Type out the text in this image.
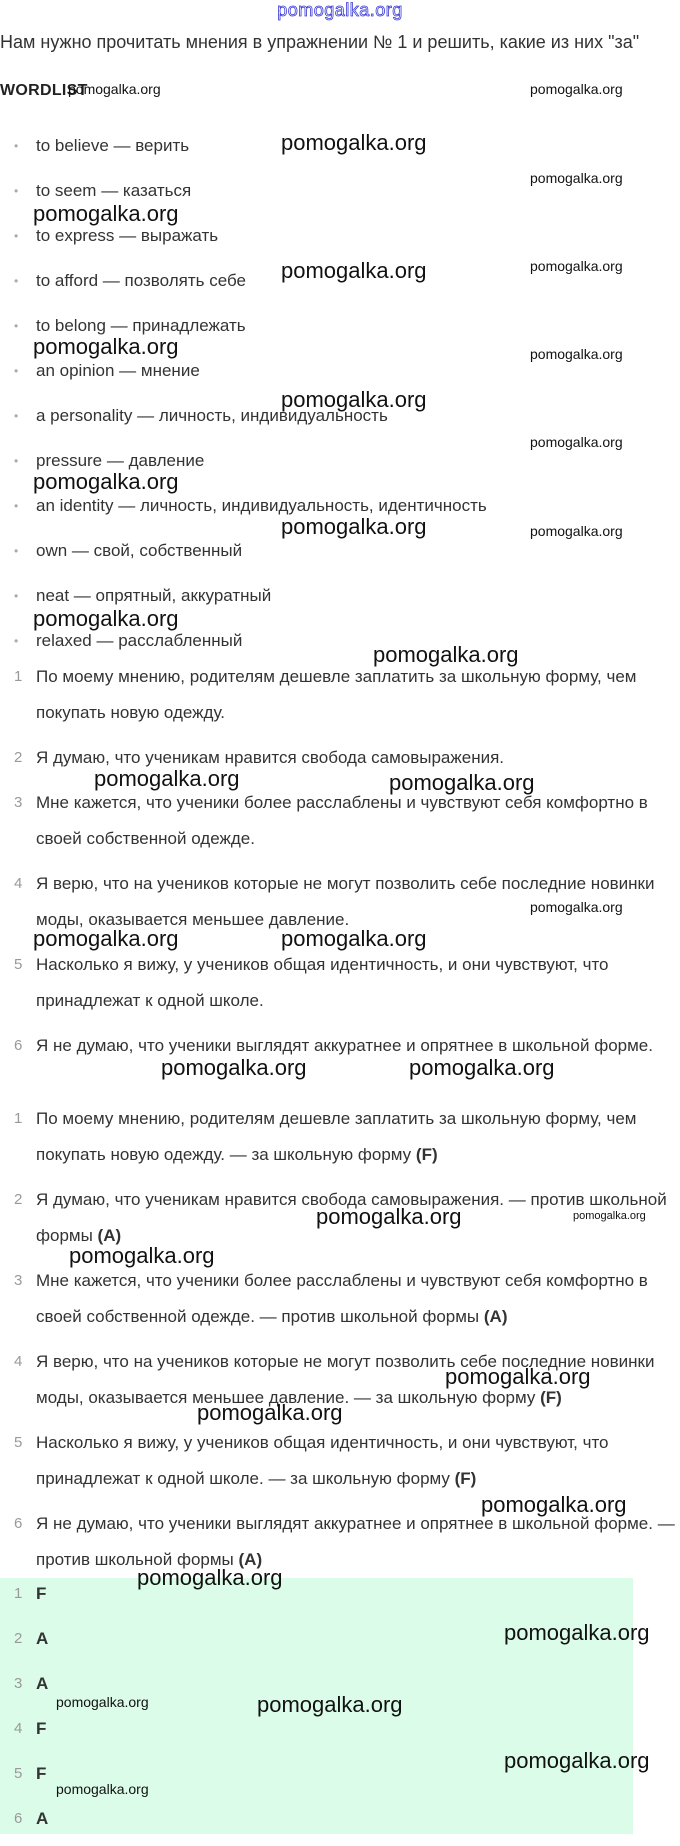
pomogalka.org
Нам нужно прочитать мнения в упражнении № 1 и решить, какие из них "за"
WORDLIST
• to believe — верить
• to seem — казаться
• to express — выражать
• to afford — позволять себе
• to belong — принадлежать
• an opinion — мнение
• a personality — личность, индивидуальность
• pressure — давление
• an identity — личность, индивидуальность, идентичность
• own — свой, собственный
• neat — опрятный, аккуратный
• relaxed — расслабленный
1 По моему мнению, родителям дешевле заплатить за школьную форму, чем покупать новую одежду.
2 Я думаю, что ученикам нравится свобода самовыражения.
3 Мне кажется, что ученики более расслаблены и чувствуют себя комфортно в своей собственной одежде.
4 Я верю, что на учеников которые не могут позволить себе последние новинки моды, оказывается меньшее давление.
5 Насколько я вижу, у учеников общая идентичность, и они чувствуют, что принадлежат к одной школе.
6 Я не думаю, что ученики выглядят аккуратнее и опрятнее в школьной форме.
1 По моему мнению, родителям дешевле заплатить за школьную форму, чем покупать новую одежду. — за школьную форму (F)
2 Я думаю, что ученикам нравится свобода самовыражения. — против школьной формы (A)
3 Мне кажется, что ученики более расслаблены и чувствуют себя комфортно в своей собственной одежде. — против школьной формы (A)
4 Я верю, что на учеников которые не могут позволить себе последние новинки моды, оказывается меньшее давление. — за школьную форму (F)
5 Насколько я вижу, у учеников общая идентичность, и они чувствуют, что принадлежат к одной школе. — за школьную форму (F)
6 Я не думаю, что ученики выглядят аккуратнее и опрятнее в школьной форме. — против школьной формы (A)
1 F
2 A
3 A
4 F
5 F
6 A
pomogalka.org	pomogalka.org
pomogalka.org
pomogalka.org
pomogalka.org
pomogalka.org	pomogalka.org
pomogalka.org	pomogalka.org
pomogalka.org
pomogalka.org
pomogalka.org
pomogalka.org	pomogalka.org
pomogalka.org
pomogalka.org
pomogalka.org	pomogalka.org
pomogalka.org
pomogalka.org	pomogalka.org
pomogalka.org	pomogalka.org
pomogalka.org	pomogalka.org
pomogalka.org
pomogalka.org
pomogalka.org
pomogalka.org
pomogalka.org
pomogalka.org
pomogalka.org	pomogalka.org
pomogalka.org
pomogalka.org
